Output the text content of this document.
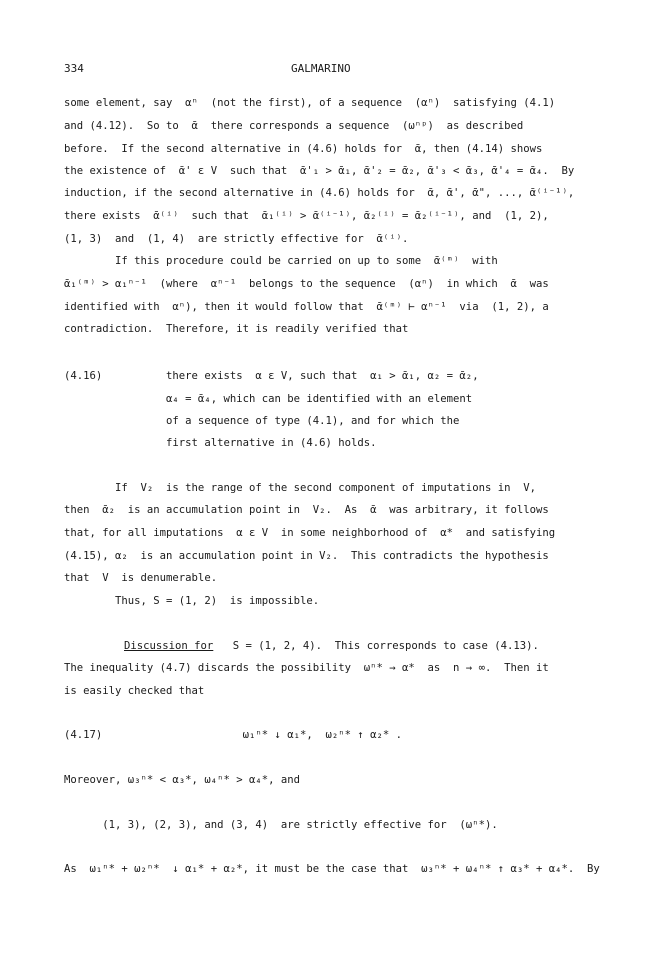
334	GALMARINO
some element, say  αⁿ  (not the first), of a sequence  (αⁿ)  satisfying (4.1)
and (4.12).  So to  ᾱ  there corresponds a sequence  (ωⁿᵖ)  as described
before.  If the second alternative in (4.6) holds for  ᾱ, then (4.14) shows
the existence of  ᾱ' ε V  such that  ᾱ'₁ > ᾱ₁, ᾱ'₂ = ᾱ₂, ᾱ'₃ < ᾱ₃, ᾱ'₄ = ᾱ₄.  By
induction, if the second alternative in (4.6) holds for  ᾱ, ᾱ', ᾱ", ..., ᾱ⁽ⁱ⁻¹⁾,
there exists  ᾱ⁽ⁱ⁾  such that  ᾱ₁⁽ⁱ⁾ > ᾱ⁽ⁱ⁻¹⁾, ᾱ₂⁽ⁱ⁾ = ᾱ₂⁽ⁱ⁻¹⁾, and  (1, 2),
(1, 3)  and  (1, 4)  are strictly effective for  ᾱ⁽ⁱ⁾.
If this procedure could be carried on up to some  ᾱ⁽ᵐ⁾  with
ᾱ₁⁽ᵐ⁾ > α₁ⁿ⁻¹  (where  αⁿ⁻¹  belongs to the sequence  (αⁿ)  in which  ᾱ  was
identified with  αⁿ), then it would follow that  ᾱ⁽ᵐ⁾ ⊢ αⁿ⁻¹  via  (1, 2), a
contradiction.  Therefore, it is readily verified that
(4.16)          there exists  α ε V, such that  α₁ > ᾱ₁, α₂ = ᾱ₂,
α₄ = ᾱ₄, which can be identified with an element
of a sequence of type (4.1), and for which the
first alternative in (4.6) holds.
If  V₂  is the range of the second component of imputations in  V,
then  ᾱ₂  is an accumulation point in  V₂.  As  ᾱ  was arbitrary, it follows
that, for all imputations  α ε V  in some neighborhood of  α*  and satisfying
(4.15), α₂  is an accumulation point in V₂.  This contradicts the hypothesis
that  V  is denumerable.
Thus, S = (1, 2)  is impossible.
Discussion for S = (1, 2, 4).  This corresponds to case (4.13).
The inequality (4.7) discards the possibility  ωⁿ* → α*  as  n → ∞.  Then it
is easily checked that
(4.17)                      ω₁ⁿ* ↓ α₁*,  ω₂ⁿ* ↑ α₂* .
Moreover, ω₃ⁿ* < α₃*, ω₄ⁿ* > α₄*, and
(1, 3), (2, 3), and (3, 4)  are strictly effective for  (ωⁿ*).
As  ω₁ⁿ* + ω₂ⁿ*  ↓ α₁* + α₂*, it must be the case that  ω₃ⁿ* + ω₄ⁿ* ↑ α₃* + α₄*.  By
